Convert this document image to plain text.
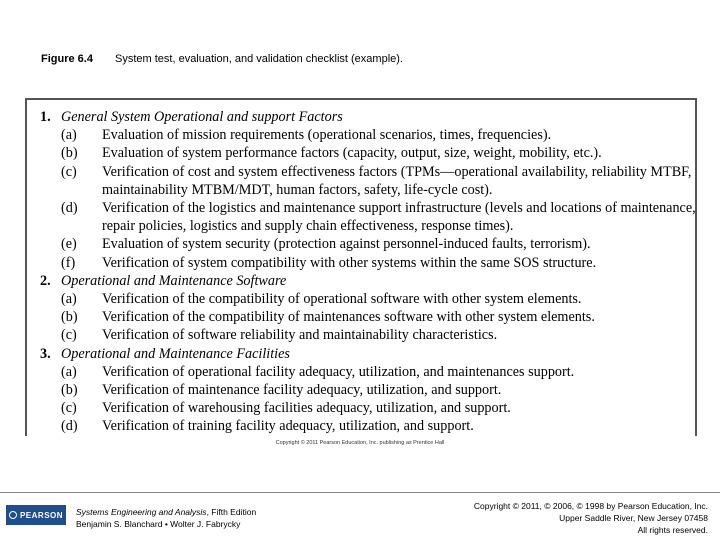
Figure 6.4 System test, evaluation, and validation checklist (example).
1. General System Operational and support Factors
(a)	Evaluation of mission requirements (operational scenarios, times, frequencies).
(b)	Evaluation of system performance factors (capacity, output, size, weight, mobility, etc.).
(c)	Verification of cost and system effectiveness factors (TPMs—operational availability, reliability MTBF, maintainability MTBM/MDT, human factors, safety, life-cycle cost).
(d)	Verification of the logistics and maintenance support infrastructure (levels and locations of maintenance, repair policies, logistics and supply chain effectiveness, response times).
(e)	Evaluation of system security (protection against personnel-induced faults, terrorism).
(f)	Verification of system compatibility with other systems within the same SOS structure.
2. Operational and Maintenance Software
(a)	Verification of the compatibility of operational software with other system elements.
(b)	Verification of the compatibility of maintenances software with other system elements.
(c)	Verification of software reliability and maintainability characteristics.
3. Operational and Maintenance Facilities
(a)	Verification of operational facility adequacy, utilization, and maintenances support.
(b)	Verification of maintenance facility adequacy, utilization, and support.
(c)	Verification of warehousing facilities adequacy, utilization, and support.
(d)	Verification of training facility adequacy, utilization, and support.
Copyright © 2011 Pearson Education, Inc. publishing as Prentice Hall
PEARSON Systems Engineering and Analysis, Fifth Edition
Benjamin S. Blanchard • Wolter J. Fabrycky
Copyright © 2011, © 2006, © 1998 by Pearson Education, Inc.
Upper Saddle River, New Jersey 07458
All rights reserved.
